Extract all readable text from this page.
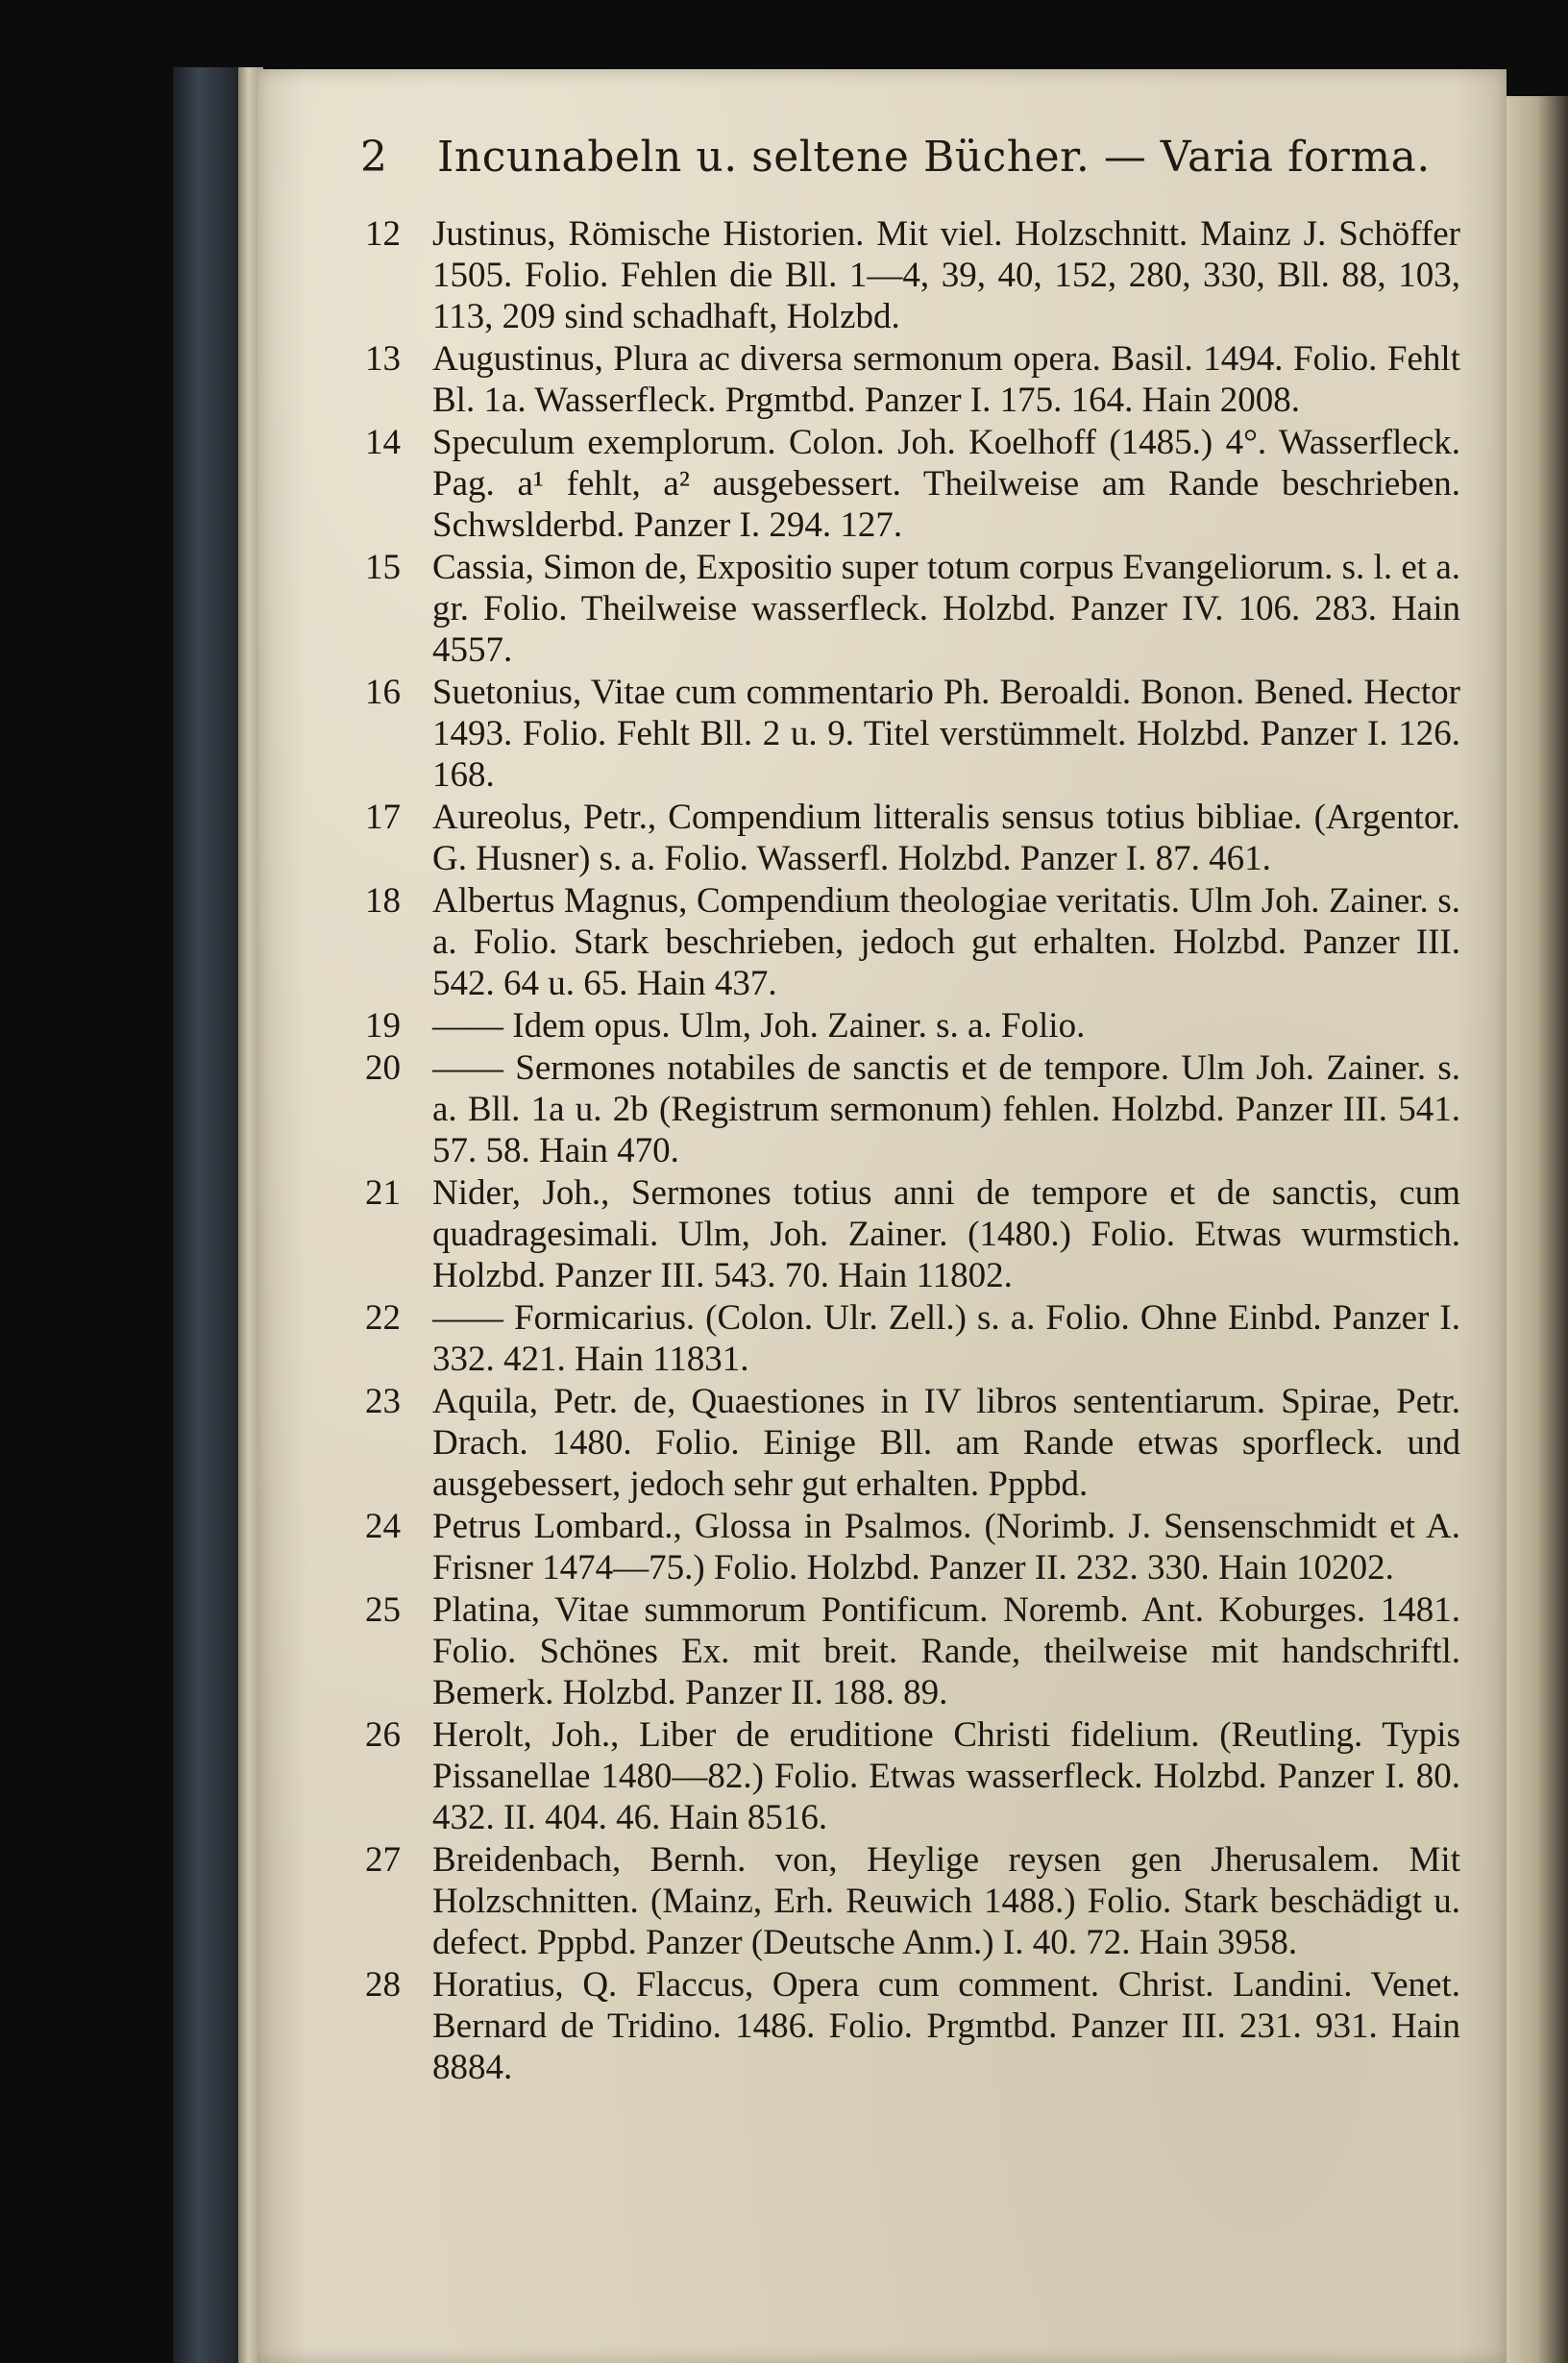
2 Incunabeln u. seltene Bücher. — Varia forma.
12 Justinus, Römische Historien. Mit viel. Holzschnitt. Mainz J. Schöffer 1505. Folio. Fehlen die Bll. 1—4, 39, 40, 152, 280, 330, Bll. 88, 103, 113, 209 sind schadhaft, Holzbd.
13 Augustinus, Plura ac diversa sermonum opera. Basil. 1494. Folio. Fehlt Bl. 1a. Wasserfleck. Prgmtbd. Panzer I. 175. 164. Hain 2008.
14 Speculum exemplorum. Colon. Joh. Koelhoff (1485.) 4°. Wasserfleck. Pag. a¹ fehlt, a² ausgebessert. Theilweise am Rande beschrieben. Schwslderbd. Panzer I. 294. 127.
15 Cassia, Simon de, Expositio super totum corpus Evangeliorum. s. l. et a. gr. Folio. Theilweise wasserfleck. Holzbd. Panzer IV. 106. 283. Hain 4557.
16 Suetonius, Vitae cum commentario Ph. Beroaldi. Bonon. Bened. Hector 1493. Folio. Fehlt Bll. 2 u. 9. Titel verstümmelt. Holzbd. Panzer I. 126. 168.
17 Aureolus, Petr., Compendium litteralis sensus totius bibliae. (Argentor. G. Husner) s. a. Folio. Wasserfl. Holzbd. Panzer I. 87. 461.
18 Albertus Magnus, Compendium theologiae veritatis. Ulm Joh. Zainer. s. a. Folio. Stark beschrieben, jedoch gut erhalten. Holzbd. Panzer III. 542. 64 u. 65. Hain 437.
19 —— Idem opus. Ulm, Joh. Zainer. s. a. Folio.
20 —— Sermones notabiles de sanctis et de tempore. Ulm Joh. Zainer. s. a. Bll. 1a u. 2b (Registrum sermonum) fehlen. Holzbd. Panzer III. 541. 57. 58. Hain 470.
21 Nider, Joh., Sermones totius anni de tempore et de sanctis, cum quadragesimali. Ulm, Joh. Zainer. (1480.) Folio. Etwas wurmstich. Holzbd. Panzer III. 543. 70. Hain 11802.
22 —— Formicarius. (Colon. Ulr. Zell.) s. a. Folio. Ohne Einbd. Panzer I. 332. 421. Hain 11831.
23 Aquila, Petr. de, Quaestiones in IV libros sententiarum. Spirae, Petr. Drach. 1480. Folio. Einige Bll. am Rande etwas sporfleck. und ausgebessert, jedoch sehr gut erhalten. Pppbd.
24 Petrus Lombard., Glossa in Psalmos. (Norimb. J. Sensenschmidt et A. Frisner 1474—75.) Folio. Holzbd. Panzer II. 232. 330. Hain 10202.
25 Platina, Vitae summorum Pontificum. Noremb. Ant. Koburges. 1481. Folio. Schönes Ex. mit breit. Rande, theilweise mit handschriftl. Bemerk. Holzbd. Panzer II. 188. 89.
26 Herolt, Joh., Liber de eruditione Christi fidelium. (Reutling. Typis Pissanellae 1480—82.) Folio. Etwas wasserfleck. Holzbd. Panzer I. 80. 432. II. 404. 46. Hain 8516.
27 Breidenbach, Bernh. von, Heylige reysen gen Jherusalem. Mit Holzschnitten. (Mainz, Erh. Reuwich 1488.) Folio. Stark beschädigt u. defect. Pppbd. Panzer (Deutsche Anm.) I. 40. 72. Hain 3958.
28 Horatius, Q. Flaccus, Opera cum comment. Christ. Landini. Venet. Bernard de Tridino. 1486. Folio. Prgmtbd. Panzer III. 231. 931. Hain 8884.
